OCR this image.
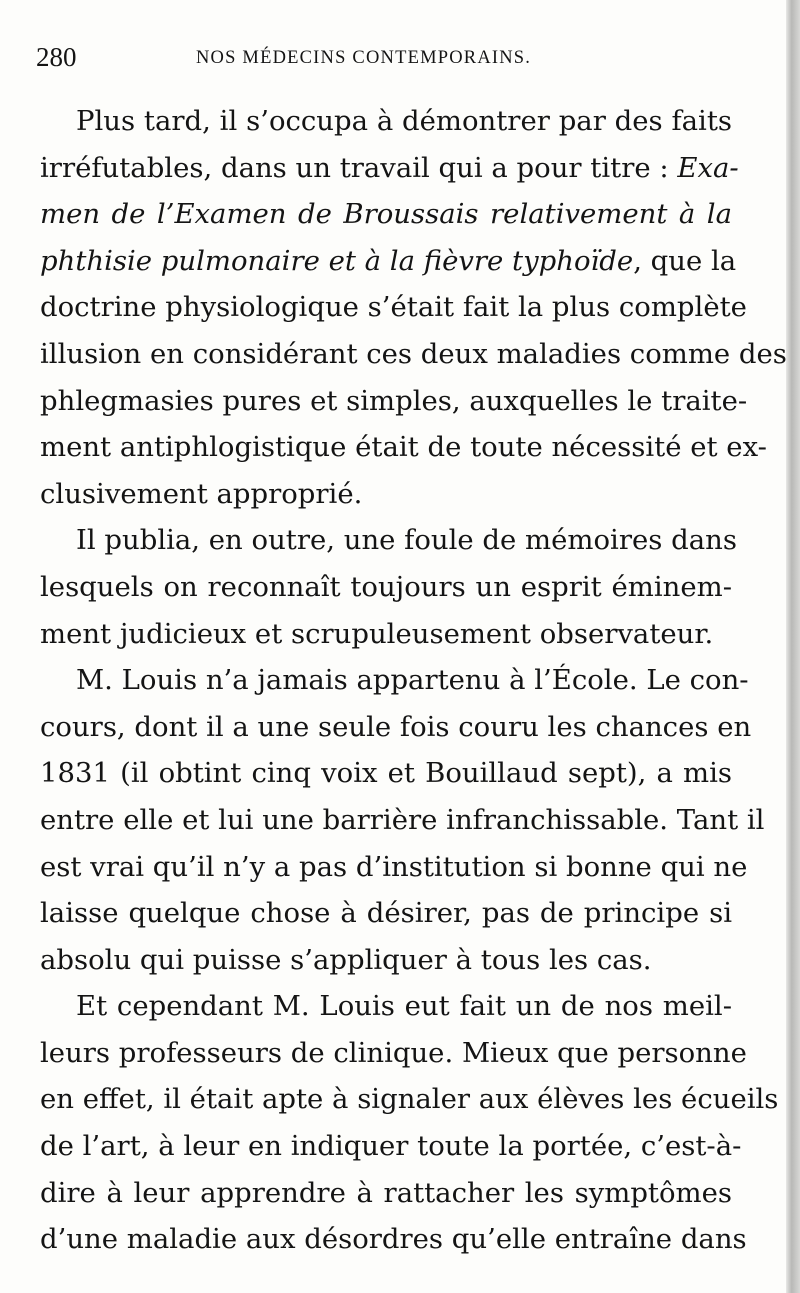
280	NOS MÉDECINS CONTEMPORAINS.
Plus tard, il s’occupa à démontrer par des faits
irréfutables, dans un travail qui a pour titre : Exa-
men de l’Examen de Broussais relativement à la
phthisie pulmonaire et à la fièvre typhoïde, que la
doctrine physiologique s’était fait la plus complète
illusion en considérant ces deux maladies comme des
phlegmasies pures et simples, auxquelles le traite-
ment antiphlogistique était de toute nécessité et ex-
clusivement approprié.
Il publia, en outre, une foule de mémoires dans
lesquels on reconnaît toujours un esprit éminem-
ment judicieux et scrupuleusement observateur.
M. Louis n’a jamais appartenu à l’École. Le con-
cours, dont il a une seule fois couru les chances en
1831 (il obtint cinq voix et Bouillaud sept), a mis
entre elle et lui une barrière infranchissable. Tant il
est vrai qu’il n’y a pas d’institution si bonne qui ne
laisse quelque chose à désirer, pas de principe si
absolu qui puisse s’appliquer à tous les cas.
Et cependant M. Louis eut fait un de nos meil-
leurs professeurs de clinique. Mieux que personne
en effet, il était apte à signaler aux élèves les écueils
de l’art, à leur en indiquer toute la portée, c’est-à-
dire à leur apprendre à rattacher les symptômes
d’une maladie aux désordres qu’elle entraîne dans
